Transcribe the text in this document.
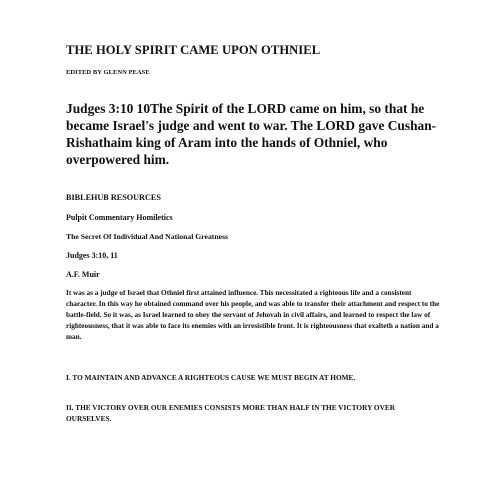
THE HOLY SPIRIT CAME UPON OTHNIEL
EDITED BY GLENN PEASE

Judges 3:10 10The Spirit of the LORD came on him, so that he became Israel's judge and went to war. The LORD gave Cushan-Rishathaim king of Aram into the hands of Othniel, who overpowered him.

BIBLEHUB RESOURCES
Pulpit Commentary Homiletics
The Secret Of Individual And National Greatness
Judges 3:10, 11
A.F. Muir

It was as a judge of Israel that Othniel first attained influence. This necessitated a righteous life and a consistent character. In this way he obtained command over his people, and was able to transfer their attachment and respect to the battle-field. So it was, as Israel learned to obey the servant of Jehovah in civil affairs, and learned to respect the law of righteousness, that it was able to face its enemies with an irresistible front. It is righteousness that exalteth a nation and a man.

I. TO MAINTAIN AND ADVANCE A RIGHTEOUS CAUSE WE MUST BEGIN AT HOME.

II. THE VICTORY OVER OUR ENEMIES CONSISTS MORE THAN HALF IN THE VICTORY OVER OURSELVES.
